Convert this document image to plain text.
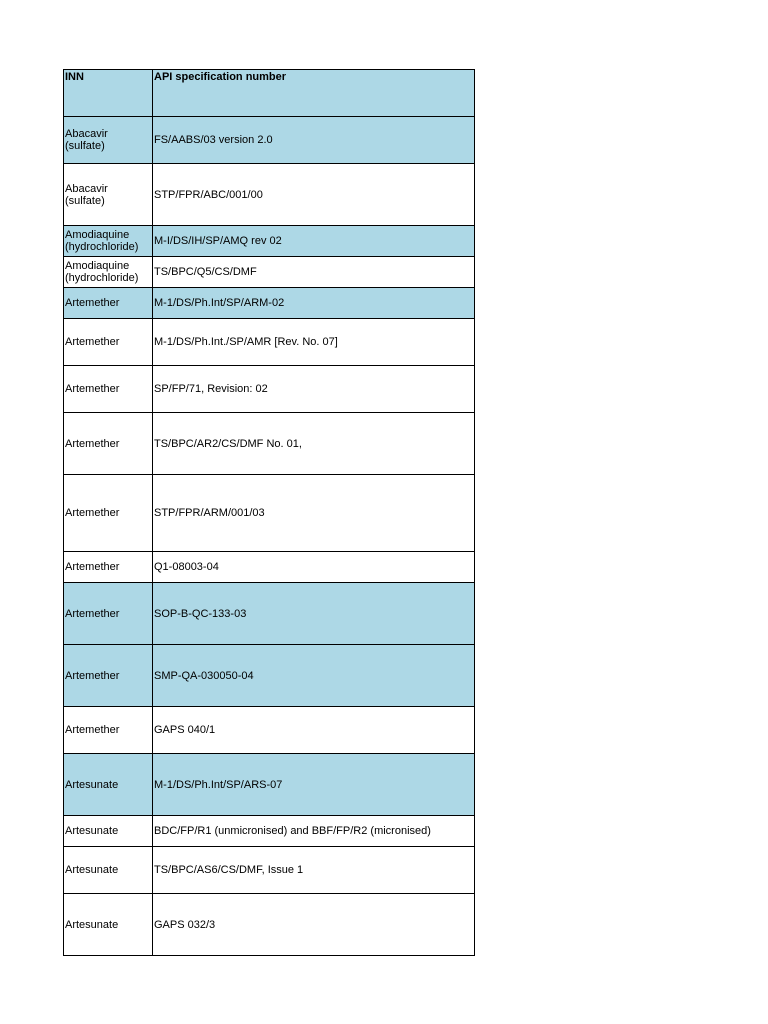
INN	API specification number
Abacavir
(sulfate)	FS/AABS/03 version 2.0
Abacavir
(sulfate)	STP/FPR/ABC/001/00
Amodiaquine
(hydrochloride)	M-I/DS/IH/SP/AMQ rev 02
Amodiaquine
(hydrochloride)	TS/BPC/Q5/CS/DMF
Artemether	M-1/DS/Ph.Int/SP/ARM-02
Artemether	M-1/DS/Ph.Int./SP/AMR [Rev. No. 07]
Artemether	SP/FP/71, Revision: 02
Artemether	TS/BPC/AR2/CS/DMF No. 01,
Artemether	STP/FPR/ARM/001/03
Artemether	Q1-08003-04
Artemether	SOP-B-QC-133-03
Artemether	SMP-QA-030050-04
Artemether	GAPS 040/1
Artesunate	M-1/DS/Ph.Int/SP/ARS-07
Artesunate	BDC/FP/R1 (unmicronised) and BBF/FP/R2 (micronised)
Artesunate	TS/BPC/AS6/CS/DMF, Issue 1
Artesunate	GAPS 032/3
